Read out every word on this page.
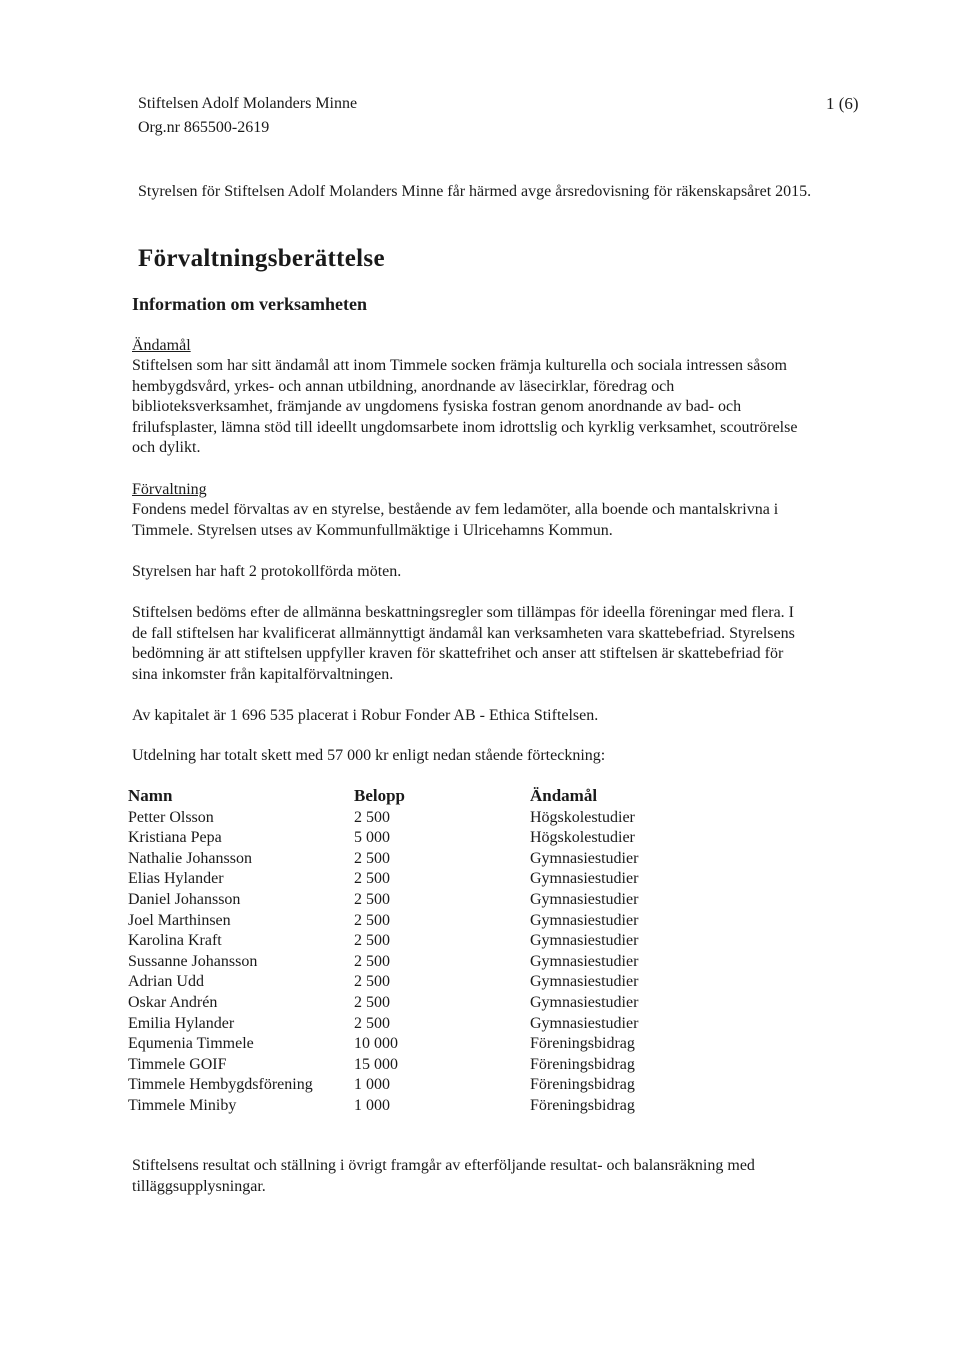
Stiftelsen Adolf Molanders Minne
Org.nr 865500-2619
1 (6)
Styrelsen för Stiftelsen Adolf Molanders Minne får härmed avge årsredovisning för räkenskapsåret 2015.
Förvaltningsberättelse
Information om verksamheten
Ändamål
Stiftelsen som har sitt ändamål att inom Timmele socken främja kulturella och sociala intressen såsom
hembygdsvård, yrkes- och annan utbildning, anordnande av läsecirklar, föredrag och
biblioteksverksamhet, främjande av ungdomens fysiska fostran genom anordnande av bad- och
frilufsplaster, lämna stöd till ideellt ungdomsarbete inom idrottslig och kyrklig verksamhet, scoutrörelse
och dylikt.
Förvaltning
Fondens medel förvaltas av en styrelse, bestående av fem ledamöter, alla boende och mantalskrivna i
Timmele. Styrelsen utses av Kommunfullmäktige i Ulricehamns Kommun.
Styrelsen har haft 2 protokollförda möten.
Stiftelsen bedöms efter de allmänna beskattningsregler som tillämpas för ideella föreningar med flera. I
de fall stiftelsen har kvalificerat allmännyttigt ändamål kan verksamheten vara skattebefriad. Styrelsens
bedömning är att stiftelsen uppfyller kraven för skattefrihet och anser att stiftelsen är skattebefriad för
sina inkomster från kapitalförvaltningen.
Av kapitalet är 1 696 535 placerat i Robur Fonder AB - Ethica Stiftelsen.
Utdelning har totalt skett med 57 000 kr enligt nedan stående förteckning:
Namn	Belopp	Ändamål
Petter Olsson	2 500	Högskolestudier
Kristiana Pepa	5 000	Högskolestudier
Nathalie Johansson	2 500	Gymnasiestudier
Elias Hylander	2 500	Gymnasiestudier
Daniel Johansson	2 500	Gymnasiestudier
Joel Marthinsen	2 500	Gymnasiestudier
Karolina Kraft	2 500	Gymnasiestudier
Sussanne Johansson	2 500	Gymnasiestudier
Adrian Udd	2 500	Gymnasiestudier
Oskar Andrén	2 500	Gymnasiestudier
Emilia Hylander	2 500	Gymnasiestudier
Equmenia Timmele	10 000	Föreningsbidrag
Timmele GOIF	15 000	Föreningsbidrag
Timmele Hembygdsförening	1 000	Föreningsbidrag
Timmele Miniby	1 000	Föreningsbidrag
Stiftelsens resultat och ställning i övrigt framgår av efterföljande resultat- och balansräkning med
tilläggsupplysningar.
